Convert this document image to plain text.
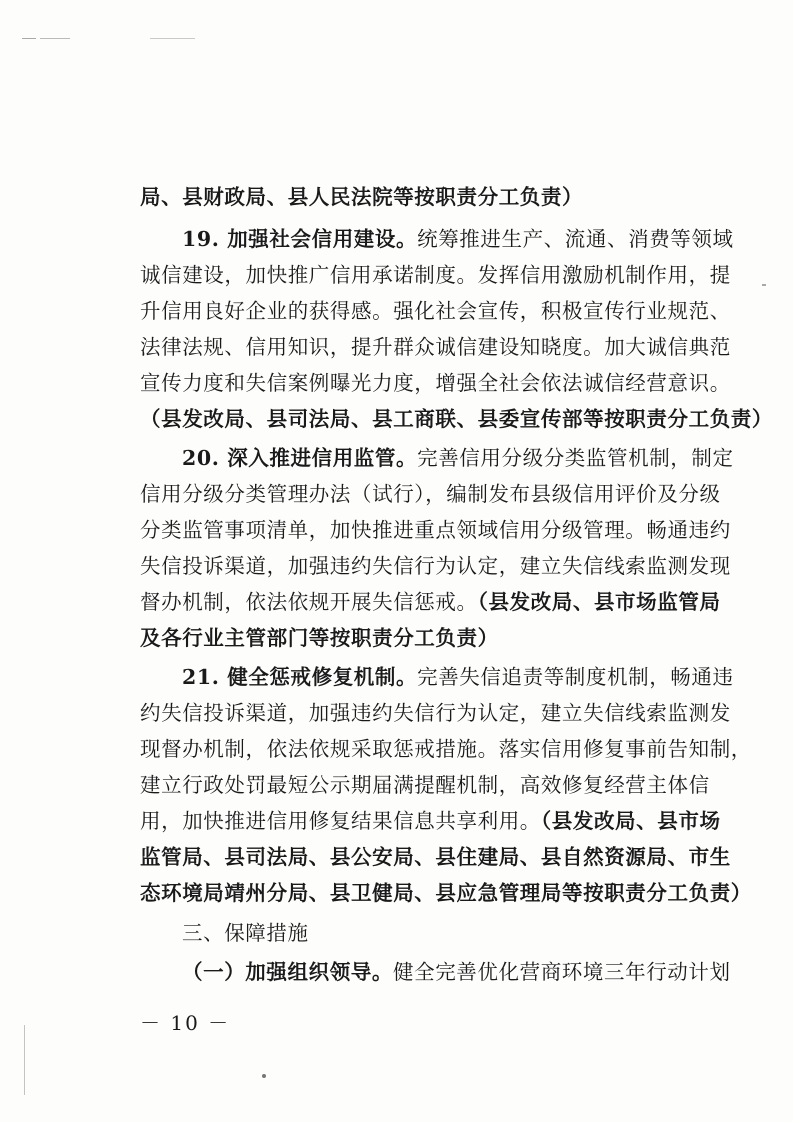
局、县财政局、县人民法院等按职责分工负责）
19. 加强社会信用建设。统筹推进生产、流通、消费等领域
诚信建设，加快推广信用承诺制度。发挥信用激励机制作用，提
升信用良好企业的获得感。强化社会宣传，积极宣传行业规范、
法律法规、信用知识，提升群众诚信建设知晓度。加大诚信典范
宣传力度和失信案例曝光力度，增强全社会依法诚信经营意识。
（县发改局、县司法局、县工商联、县委宣传部等按职责分工负责）
20. 深入推进信用监管。完善信用分级分类监管机制，制定
信用分级分类管理办法（试行），编制发布县级信用评价及分级
分类监管事项清单，加快推进重点领域信用分级管理。畅通违约
失信投诉渠道，加强违约失信行为认定，建立失信线索监测发现
督办机制，依法依规开展失信惩戒。（县发改局、县市场监管局
及各行业主管部门等按职责分工负责）
21. 健全惩戒修复机制。完善失信追责等制度机制，畅通违
约失信投诉渠道，加强违约失信行为认定，建立失信线索监测发
现督办机制，依法依规采取惩戒措施。落实信用修复事前告知制，
建立行政处罚最短公示期届满提醒机制，高效修复经营主体信
用，加快推进信用修复结果信息共享利用。（县发改局、县市场
监管局、县司法局、县公安局、县住建局、县自然资源局、市生
态环境局靖州分局、县卫健局、县应急管理局等按职责分工负责）
三、保障措施
（一）加强组织领导。健全完善优化营商环境三年行动计划
－ 10 －
